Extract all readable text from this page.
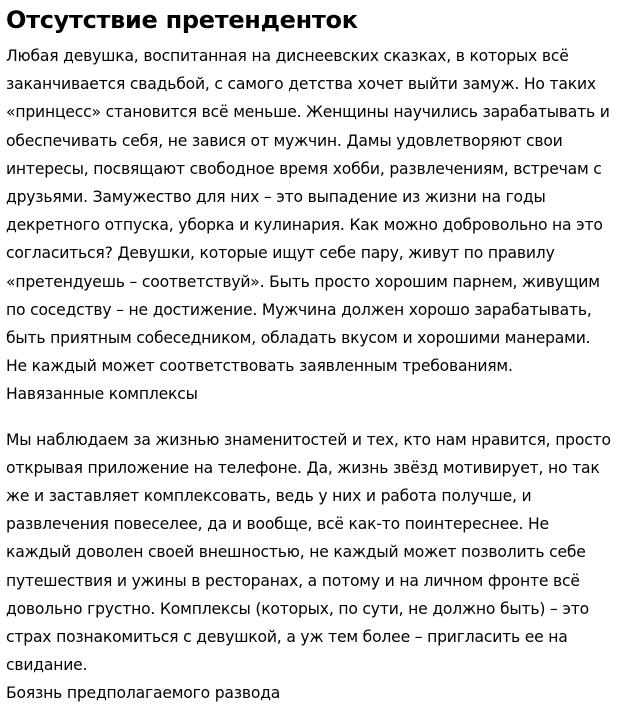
Отсутствие претенденток

Любая девушка, воспитанная на диснеевских сказках, в которых всё заканчивается свадьбой, с самого детства хочет выйти замуж. Но таких «принцесс» становится всё меньше. Женщины научились зарабатывать и обеспечивать себя, не завися от мужчин. Дамы удовлетворяют свои интересы, посвящают свободное время хобби, развлечениям, встречам с друзьями. Замужество для них – это выпадение из жизни на годы декретного отпуска, уборка и кулинария. Как можно добровольно на это согласиться? Девушки, которые ищут себе пару, живут по правилу «претендуешь – соответствуй». Быть просто хорошим парнем, живущим по соседству – не достижение. Мужчина должен хорошо зарабатывать, быть приятным собеседником, обладать вкусом и хорошими манерами. Не каждый может соответствовать заявленным требованиям.

Навязанные комплексы

Мы наблюдаем за жизнью знаменитостей и тех, кто нам нравится, просто открывая приложение на телефоне. Да, жизнь звёзд мотивирует, но так же и заставляет комплексовать, ведь у них и работа получше, и развлечения повеселее, да и вообще, всё как-то поинтереснее. Не каждый доволен своей внешностью, не каждый может позволить себе путешествия и ужины в ресторанах, а потому и на личном фронте всё довольно грустно. Комплексы (которых, по сути, не должно быть) – это страх познакомиться с девушкой, а уж тем более – пригласить ее на свидание.

Боязнь предполагаемого развода
